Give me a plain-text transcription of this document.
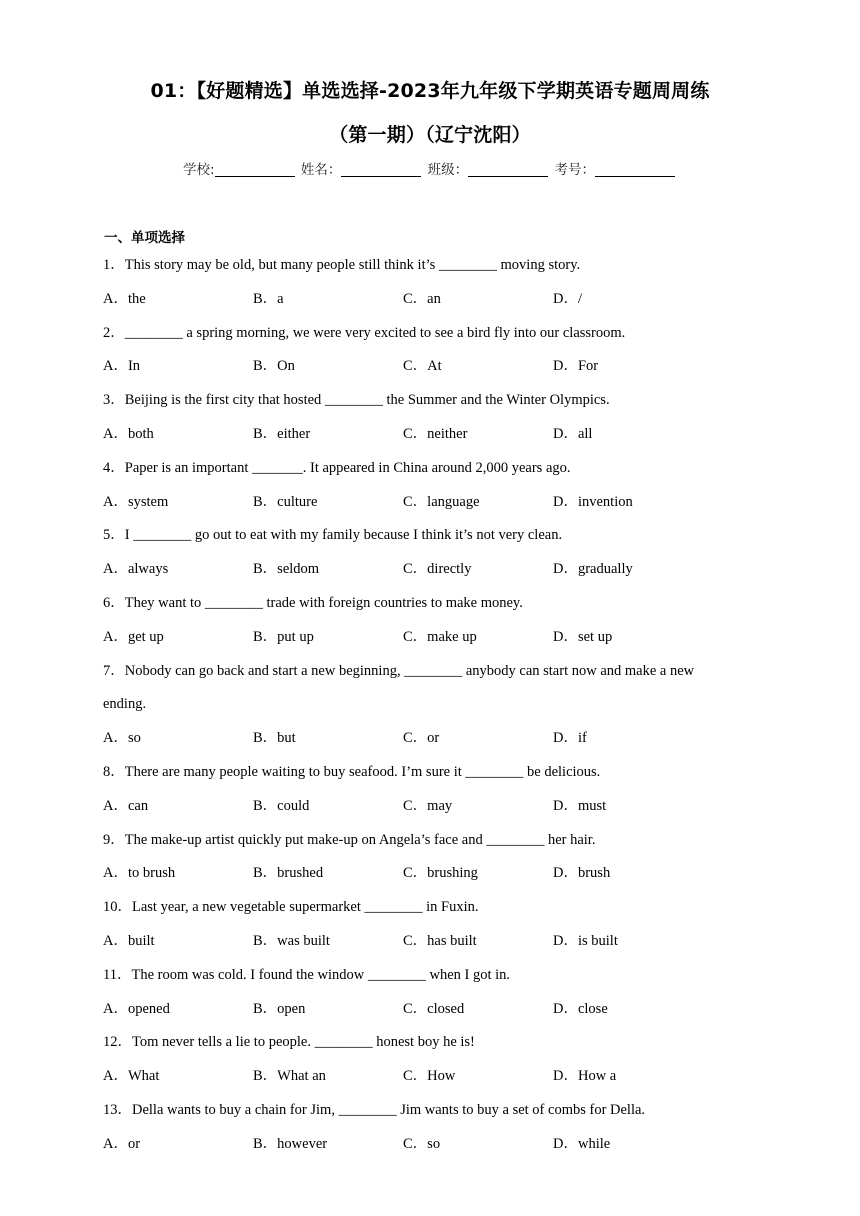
01：【好题精选】单选选择-2023年九年级下学期英语专题周周练
（第一期）（辽宁沈阳）
学校:	姓名：	班级：	考号：
一、单项选择
1．This story may be old, but many people still think it’s ________ moving story.
A．the	B．a	C．an	D．/
2．________ a spring morning, we were very excited to see a bird fly into our classroom.
A．In	B．On	C．At	D．For
3．Beijing is the first city that hosted ________ the Summer and the Winter Olympics.
A．both	B．either	C．neither	D．all
4．Paper is an important _______. It appeared in China around 2,000 years ago.
A．system	B．culture	C．language	D．invention
5．I ________ go out to eat with my family because I think it’s not very clean.
A．always	B．seldom	C．directly	D．gradually
6．They want to ________ trade with foreign countries to make money.
A．get up	B．put up	C．make up	D．set up
7．Nobody can go back and start a new beginning, ________ anybody can start now and make a new
ending.
A．so	B．but	C．or	D．if
8．There are many people waiting to buy seafood. I’m sure it ________ be delicious.
A．can	B．could	C．may	D．must
9．The make-up artist quickly put make-up on Angela’s face and ________ her hair.
A．to brush	B．brushed	C．brushing	D．brush
10．Last year, a new vegetable supermarket ________ in Fuxin.
A．built	B．was built	C．has built	D．is built
11．The room was cold. I found the window ________ when I got in.
A．opened	B．open	C．closed	D．close
12．Tom never tells a lie to people. ________ honest boy he is!
A．What	B．What an	C．How	D．How a
13．Della wants to buy a chain for Jim, ________ Jim wants to buy a set of combs for Della.
A．or	B．however	C．so	D．while
